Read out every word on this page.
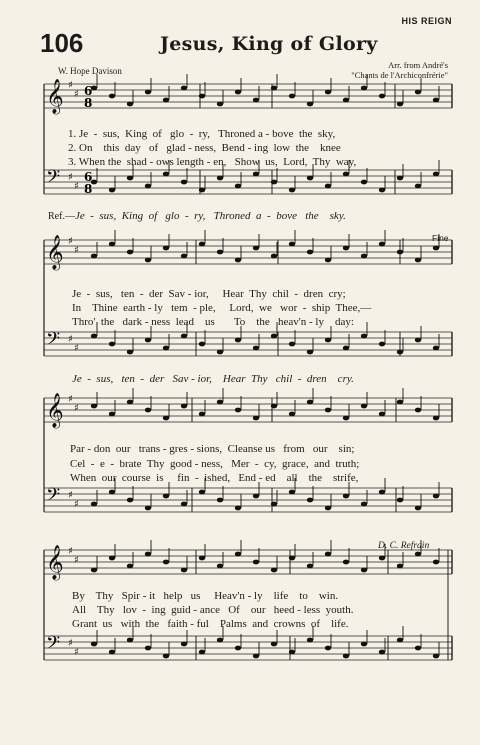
HIS REIGN
106	Jesus, King of Glory
W. Hope Davison
Arr. from André's
"Chants de l'Archiconfrérie"
𝄞 ♯
♯
𝄢 ♯
♯
𝄞 ♯
♯
𝄢 ♯
♯
𝄞 ♯
♯
𝄢 ♯
♯
𝄞 ♯
♯
𝄢 ♯
♯
6
8
6
8
1. Je  -  sus,  King  of   glo  -  ry,   Throned a - bove  the  sky,
2. On    this  day   of   glad - ness,  Bend - ing  low  the    knee
3. When the  shad - ows length - en,   Show  us,  Lord,  Thy  way,
Ref.—Je  -  sus,  King  of   glo  -  ry,   Throned  a  -  bove   the    sky.
Fine
Je  -  sus,   ten  -  der  Sav - ior,     Hear  Thy  chil  -  dren  cry;
In    Thine  earth - ly   tem  - ple,     Lord,  we   wor  -  ship  Thee,—
Thro'  the   dark - ness  lead    us       To    the   heav'n - ly    day:
Je  -  sus,   ten  -  der   Sav - ior,    Hear  Thy   chil  -  dren    cry.
Par - don  our   trans - gres - sions,  Cleanse us   from   our    sin;
Cel  -  e  -  brate  Thy  good - ness,   Mer  -  cy,  grace,  and  truth;
When  our  course  is     fin  -  ished,   End - ed    all    the    strife,
D. C. Refrain
By    Thy   Spir - it   help   us     Heav'n - ly    life    to    win.
All    Thy   lov  -  ing  guid - ance   Of    our   heed - less  youth.
Grant  us   with  the   faith - ful    Palms  and  crowns  of    life.
